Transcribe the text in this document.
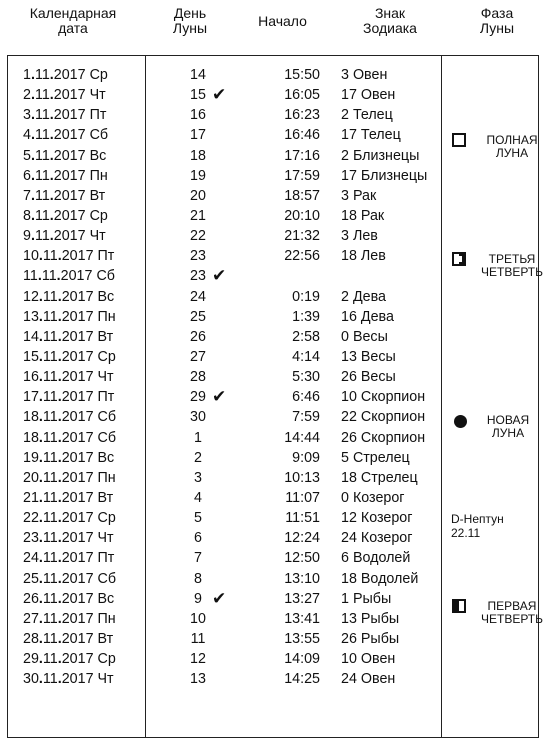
Календарная
дата
День
Луны	Начало	Знак
Зодиака
Фаза
Луны
1.11.2017 Ср	14	15:50 3 Овен
2.11.2017 Чт	15 ✔	16:05 17 Овен
3.11.2017 Пт	16	16:23 2 Телец
4.11.2017 Сб	17	16:46 17 Телец
5.11.2017 Вс	18	17:16 2 Близнецы
6.11.2017 Пн	19	17:59 17 Близнецы
7.11.2017 Вт	20	18:57 3 Рак
8.11.2017 Ср	21	20:10 18 Рак
9.11.2017 Чт	22	21:32 3 Лев
10.11.2017 Пт	23	22:56 18 Лев
11.11.2017 Сб	23 ✔
12.11.2017 Вс	24	0:19 2 Дева
13.11.2017 Пн	25	1:39 16 Дева
14.11.2017 Вт	26	2:58 0 Весы
15.11.2017 Ср	27	4:14 13 Весы
16.11.2017 Чт	28	5:30 26 Весы
17.11.2017 Пт	29 ✔	6:46 10 Скорпион
18.11.2017 Сб	30	7:59 22 Скорпион
18.11.2017 Сб	1	14:44 26 Скорпион
19.11.2017 Вс	2	9:09 5 Стрелец
20.11.2017 Пн	3	10:13 18 Стрелец
21.11.2017 Вт	4	11:07 0 Козерог
22.11.2017 Ср	5	11:51 12 Козерог
23.11.2017 Чт	6	12:24 24 Козерог
24.11.2017 Пт	7	12:50 6 Водолей
25.11.2017 Сб	8	13:10 18 Водолей
26.11.2017 Вс	9 ✔	13:27 1 Рыбы
27.11.2017 Пн	10	13:41 13 Рыбы
28.11.2017 Вт	11	13:55 26 Рыбы
29.11.2017 Ср	12	14:09 10 Овен
30.11.2017 Чт	13	14:25 24 Овен
ПОЛНАЯ
ЛУНА
ТРЕТЬЯ
ЧЕТВЕРТЬ
НОВАЯ
ЛУНА
D-Нептун
22.11
ПЕРВАЯ
ЧЕТВЕРТЬ
